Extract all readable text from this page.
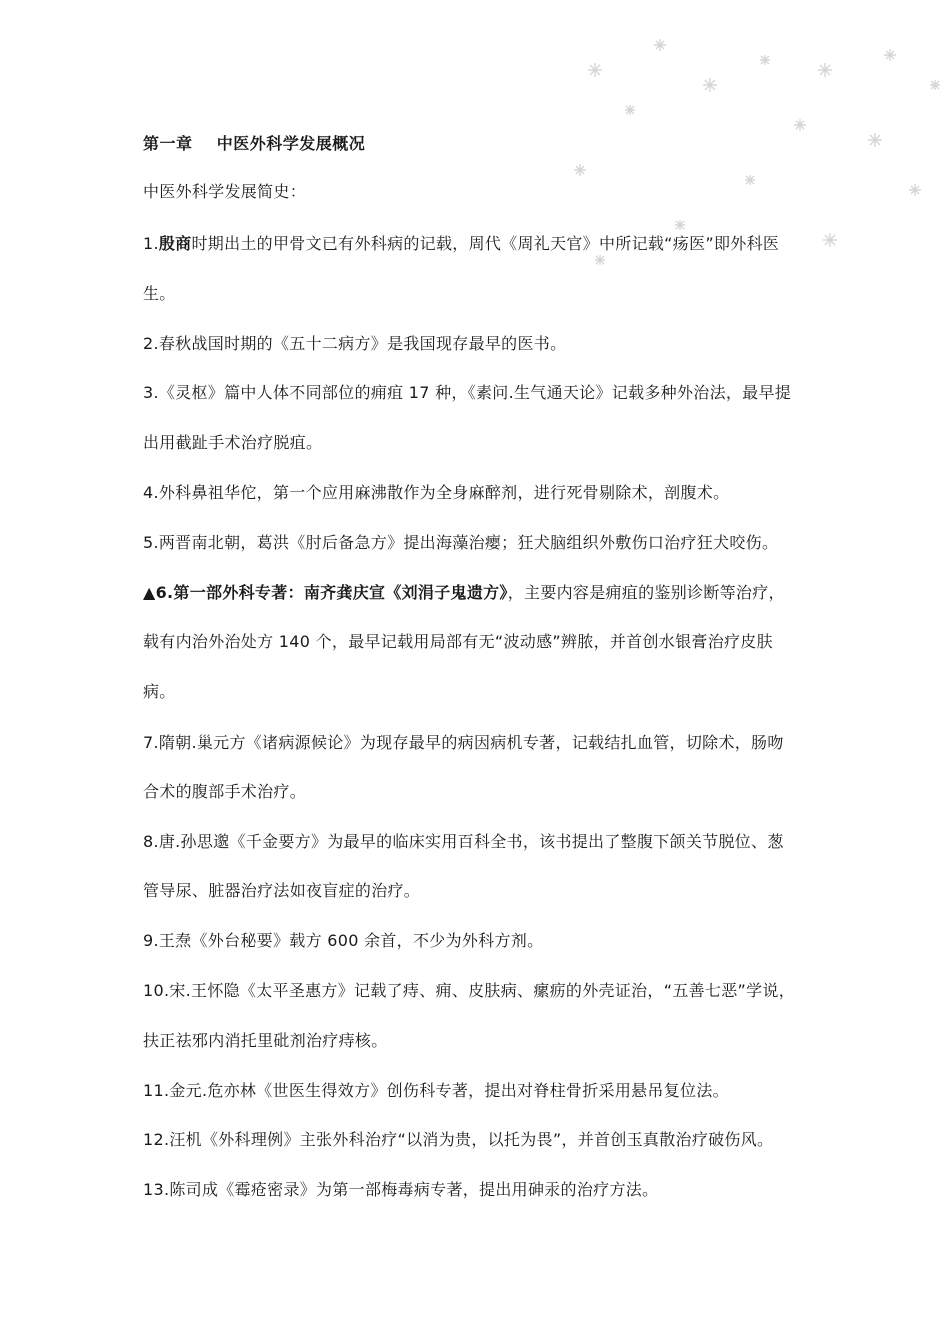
第一章    中医外科学发展概况
中医外科学发展简史：
1.殷商时期出土的甲骨文已有外科病的记载，周代《周礼天官》中所记载“疡医”即外科医
生。
2.春秋战国时期的《五十二病方》是我国现存最早的医书。
3.《灵枢》篇中人体不同部位的痈疽 17 种，《素问.生气通天论》记载多种外治法，最早提
出用截趾手术治疗脱疽。
4.外科鼻祖华佗，第一个应用麻沸散作为全身麻醉剂，进行死骨剔除术，剖腹术。
5.两晋南北朝，葛洪《肘后备急方》提出海藻治瘿；狂犬脑组织外敷伤口治疗狂犬咬伤。
▲6.第一部外科专著：南齐龚庆宣《刘涓子鬼遗方》，主要内容是痈疽的鉴别诊断等治疗，
载有内治外治处方 140 个，最早记载用局部有无“波动感”辨脓，并首创水银膏治疗皮肤
病。
7.隋朝.巢元方《诸病源候论》为现存最早的病因病机专著，记载结扎血管，切除术，肠吻
合术的腹部手术治疗。
8.唐.孙思邈《千金要方》为最早的临床实用百科全书，该书提出了整腹下颌关节脱位、葱
管导尿、脏器治疗法如夜盲症的治疗。
9.王焘《外台秘要》载方 600 余首，不少为外科方剂。
10.宋.王怀隐《太平圣惠方》记载了痔、痈、皮肤病、瘰疬的外壳证治，“五善七恶”学说，
扶正祛邪内消托里砒剂治疗痔核。
11.金元.危亦林《世医生得效方》创伤科专著，提出对脊柱骨折采用悬吊复位法。
12.汪机《外科理例》主张外科治疗“以消为贵，以托为畏”，并首创玉真散治疗破伤风。
13.陈司成《霉疮密录》为第一部梅毒病专著，提出用砷汞的治疗方法。
